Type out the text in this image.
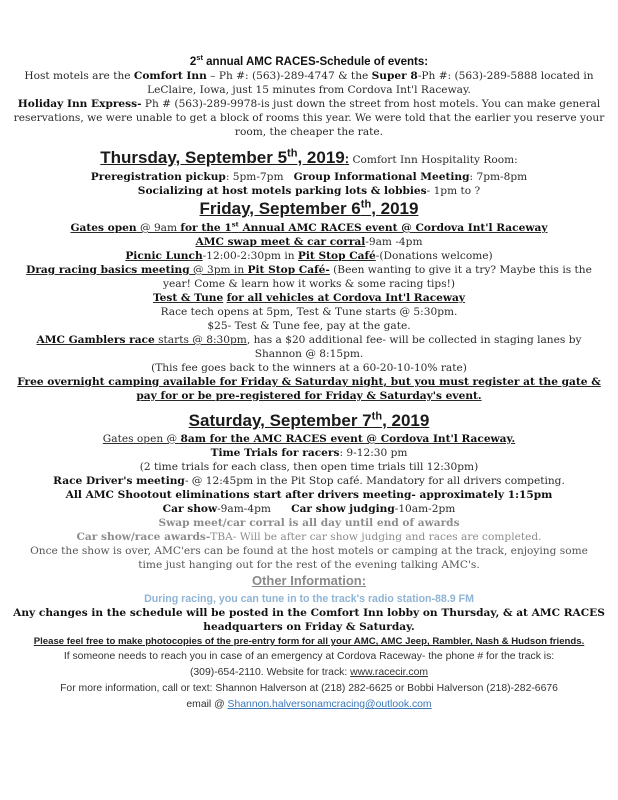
2st annual AMC RACES-Schedule of events:
Host motels are the Comfort Inn – Ph #: (563)-289-4747 & the Super 8-Ph #: (563)-289-5888 located in
LeClaire, Iowa, just 15 minutes from Cordova Int'l Raceway.
Holiday Inn Express- Ph # (563)-289-9978-is just down the street from host motels. You can make general
reservations, we were unable to get a block of rooms this year. We were told that the earlier you reserve your
room, the cheaper the rate.
Thursday, September 5th, 2019: Comfort Inn Hospitality Room:
Preregistration pickup: 5pm-7pm Group Informational Meeting: 7pm-8pm
Socializing at host motels parking lots & lobbies- 1pm to ?
Friday, September 6th, 2019
Gates open @ 9am for the 1st Annual AMC RACES event @ Cordova Int'l Raceway
AMC swap meet & car corral-9am -4pm
Picnic Lunch-12:00-2:30pm in Pit Stop Café-(Donations welcome)
Drag racing basics meeting @ 3pm in Pit Stop Café- (Been wanting to give it a try? Maybe this is the
year! Come & learn how it works & some racing tips!)
Test & Tune for all vehicles at Cordova Int'l Raceway
Race tech opens at 5pm, Test & Tune starts @ 5:30pm.
$25- Test & Tune fee, pay at the gate.
AMC Gamblers race starts @ 8:30pm, has a $20 additional fee- will be collected in staging lanes by
Shannon @ 8:15pm.
(This fee goes back to the winners at a 60-20-10-10% rate)
Free overnight camping available for Friday & Saturday night, but you must register at the gate &
pay for or be pre-registered for Friday & Saturday's event.
Saturday, September 7th, 2019
Gates open @ 8am for the AMC RACES event @ Cordova Int'l Raceway.
Time Trials for racers: 9-12:30 pm
(2 time trials for each class, then open time trials till 12:30pm)
Race Driver's meeting- @ 12:45pm in the Pit Stop café. Mandatory for all drivers competing.
All AMC Shootout eliminations start after drivers meeting- approximately 1:15pm
Car show-9am-4pm Car show judging-10am-2pm
Swap meet/car corral is all day until end of awards
Car show/race awards-TBA- Will be after car show judging and races are completed.
Once the show is over, AMC'ers can be found at the host motels or camping at the track, enjoying some
time just hanging out for the rest of the evening talking AMC's.
Other Information:
During racing, you can tune in to the track's radio station-88.9 FM
Any changes in the schedule will be posted in the Comfort Inn lobby on Thursday, & at AMC RACES
headquarters on Friday & Saturday.
Please feel free to make photocopies of the pre-entry form for all your AMC, AMC Jeep, Rambler, Nash & Hudson friends.
If someone needs to reach you in case of an emergency at Cordova Raceway- the phone # for the track is:
(309)-654-2110. Website for track: www.racecir.com
For more information, call or text: Shannon Halverson at (218) 282-6625 or Bobbi Halverson (218)-282-6676
email @ Shannon.halversonamcracing@outlook.com
